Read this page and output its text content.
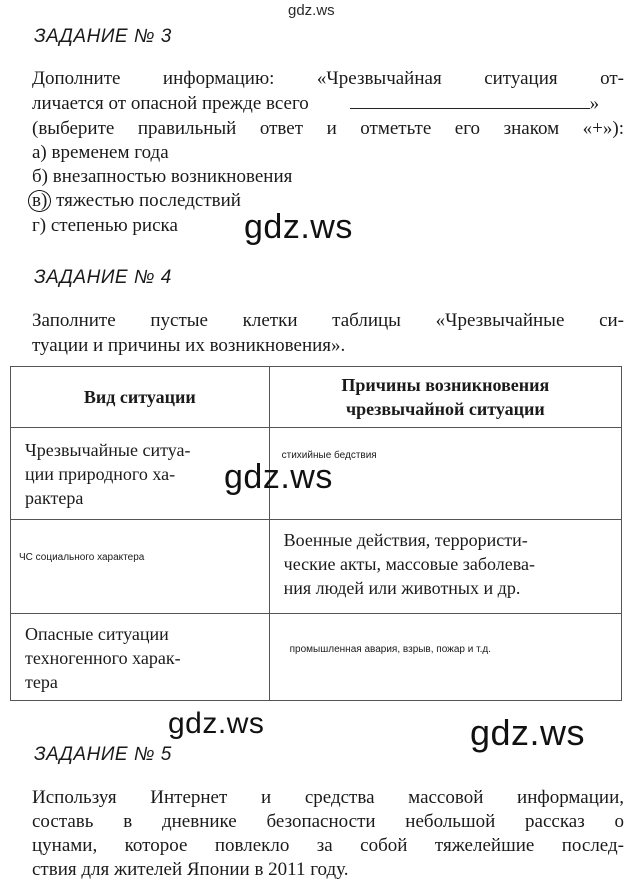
gdz.ws
ЗАДАНИЕ № 3
Дополните информацию: «Чрезвычайная ситуация от-
личается от опасной прежде всего	»
(выберите правильный ответ и отметьте его знаком «+»):
а) временем года
б) внезапностью возникновения
в) тяжестью последствий
г) степенью риска gdz.ws
ЗАДАНИЕ № 4
Заполните пустые клетки таблицы «Чрезвычайные си-
туации и причины их возникновения».
Вид ситуации	Причины возникновения
чрезвычайной ситуации

Чрезвычайные ситуа-
ции природного ха-
рактера	стихийные бедствия

ЧС социального характера	Военные действия, террористи-
ческие акты, массовые заболева-
ния людей или животных и др.

Опасные ситуации
техногенного харак-
тера	промышленная авария, взрыв, пожар и т.д.
gdz.ws
gdz.ws	gdz.ws
ЗАДАНИЕ № 5
Используя Интернет и средства массовой информации,
составь в дневнике безопасности небольшой рассказ о
цунами, которое повлекло за собой тяжелейшие послед-
ствия для жителей Японии в 2011 году.
